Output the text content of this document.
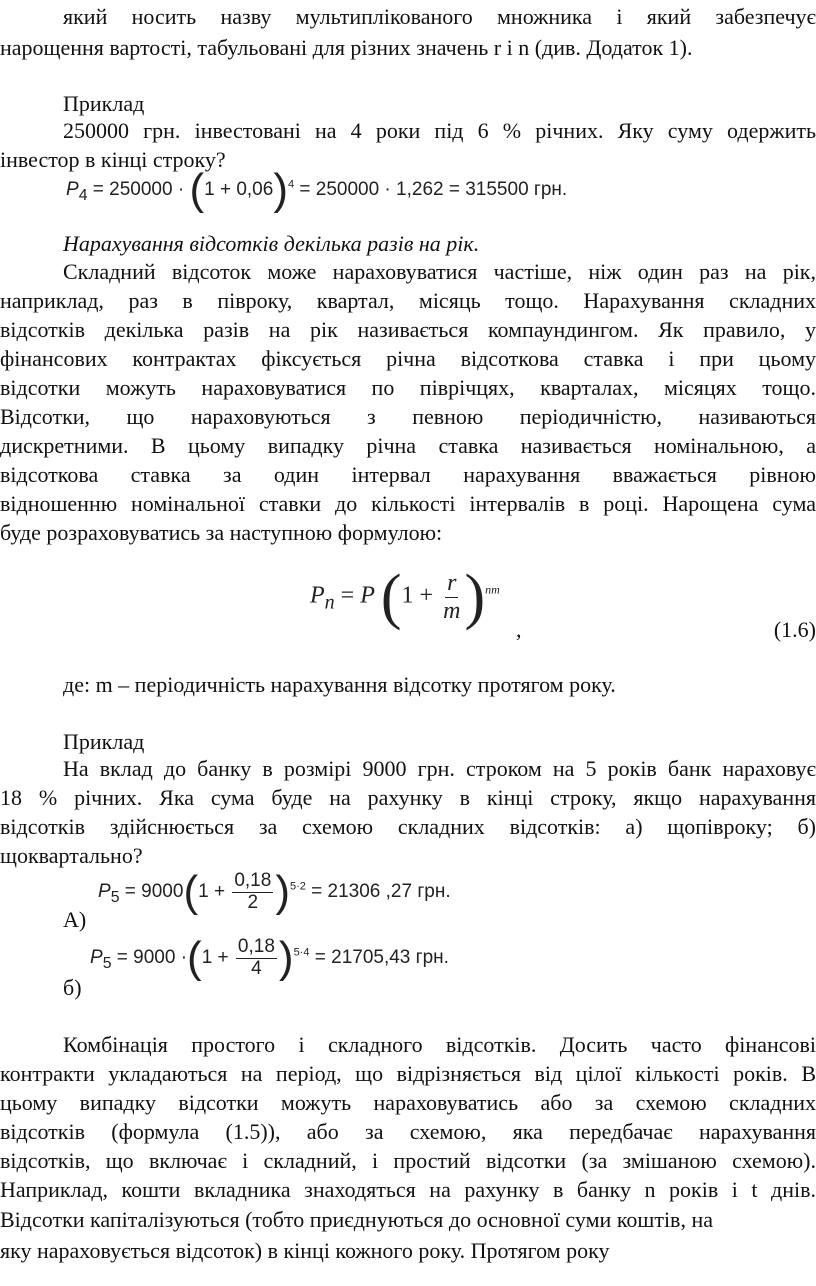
який носить назву мультиплікованого множника і який забезпечує
нарощення вартості, табульовані для різних значень r і n (див. Додаток 1).
Приклад
250000 грн. інвестовані на 4 роки під 6 % річних. Яку суму одержить
інвестор в кінці строку?
$P_4 = 250000 \cdot (1 + 0,06)^4 = 250000 \cdot 1,262 = 315500$ грн.
Нарахування відсотків декілька разів на рік.
Складний відсоток може нараховуватися частіше, ніж один раз на рік,
наприклад, раз в півроку, квартал, місяць тощо. Нарахування складних
відсотків декілька разів на рік називається компаундингом. Як правило, у
фінансових контрактах фіксується річна відсоткова ставка і при цьому
відсотки можуть нараховуватися по піврічцях, кварталах, місяцях тощо.
Відсотки, що нараховуються з певною періодичністю, називаються
дискретними. В цьому випадку річна ставка називається номінальною, а
відсоткова ставка за один інтервал нарахування вважається рівною
відношенню номінальної ставки до кількості інтервалів в році. Нарощена сума
буде розраховуватись за наступною формулою:
$P_n = P$ $(1 + \frac{r}{m} )^{nm}$
,	(1.6)
де: m – періодичність нарахування відсотку протягом року.
Приклад
На вклад до банку в розмірі 9000 грн. строком на 5 років банк нараховує
18 % річних. Яка сума буде на рахунку в кінці строку, якщо нарахування
відсотків здійснюється за схемою складних відсотків: а) щопівроку; б)
щоквартально?
$P_5 = 9000(1 + \frac{0,18}{2} )^{5\cdot 2} = 21306$ ,27 грн.
А)
$P_5 = 9000 \cdot(1 + \frac{0,18}{4} )^{5\cdot 4} = 21705,43$ грн.
б)
Комбінація простого і складного відсотків. Досить часто фінансові
контракти укладаються на період, що відрізняється від цілої кількості років. В
цьому випадку відсотки можуть нараховуватись або за схемою складних
відсотків (формула (1.5)), або за схемою, яка передбачає нарахування
відсотків, що включає і складний, і простий відсотки (за змішаною схемою).
Наприклад, кошти вкладника знаходяться на рахунку в банку n років і t днів.
Відсотки капіталізуються (тобто приєднуються до основної суми коштів, на
яку нараховується відсоток) в кінці кожного року. Протягом року
